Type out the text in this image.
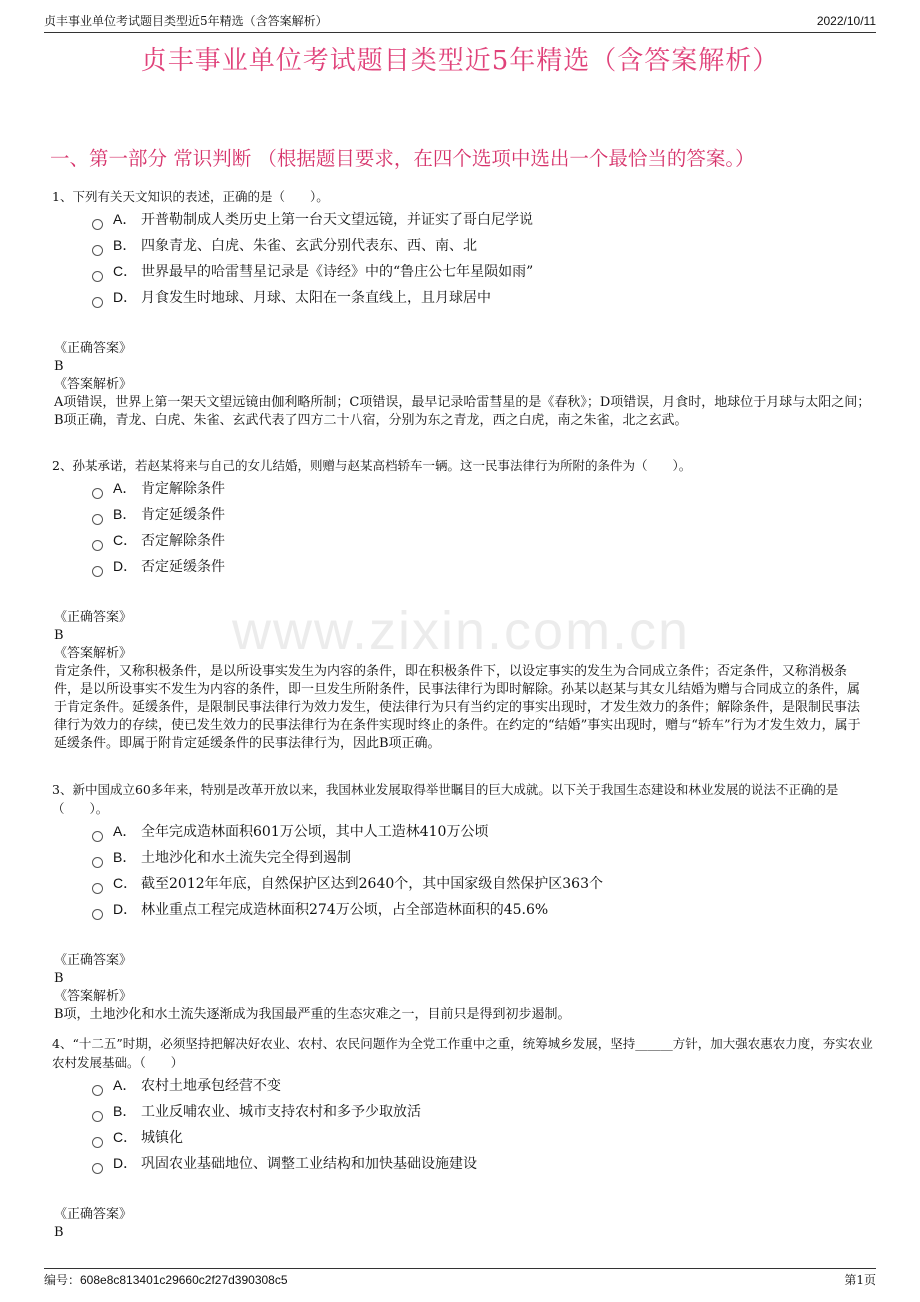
贞丰事业单位考试题目类型近5年精选（含答案解析）	2022/10/11
贞丰事业单位考试题目类型近5年精选（含答案解析）
一、第一部分 常识判断 （根据题目要求，在四个选项中选出一个最恰当的答案。）
www.zixin.com.cn
1、下列有关天文知识的表述，正确的是（　　）。
A． 开普勒制成人类历史上第一台天文望远镜，并证实了哥白尼学说
B． 四象青龙、白虎、朱雀、玄武分别代表东、西、南、北
C． 世界最早的哈雷彗星记录是《诗经》中的“鲁庄公七年星陨如雨”
D． 月食发生时地球、月球、太阳在一条直线上，且月球居中
《正确答案》
B
《答案解析》
A项错误，世界上第一架天文望远镜由伽利略所制；C项错误，最早记录哈雷彗星的是《春秋》；D项错误，月食时，地球位于月球与太阳之间；B项正确，青龙、白虎、朱雀、玄武代表了四方二十八宿，分别为东之青龙，西之白虎，南之朱雀，北之玄武。
2、孙某承诺，若赵某将来与自己的女儿结婚，则赠与赵某高档轿车一辆。这一民事法律行为所附的条件为（　　）。
A． 肯定解除条件
B． 肯定延缓条件
C． 否定解除条件
D． 否定延缓条件
《正确答案》
B
《答案解析》
肯定条件，又称积极条件，是以所设事实发生为内容的条件，即在积极条件下，以设定事实的发生为合同成立条件；否定条件，又称消极条件，是以所设事实不发生为内容的条件，即一旦发生所附条件，民事法律行为即时解除。孙某以赵某与其女儿结婚为赠与合同成立的条件，属于肯定条件。延缓条件，是限制民事法律行为效力发生，使法律行为只有当约定的事实出现时，才发生效力的条件；解除条件，是限制民事法律行为效力的存续，使已发生效力的民事法律行为在条件实现时终止的条件。在约定的“结婚”事实出现时，赠与“轿车”行为才发生效力，属于延缓条件。即属于附肯定延缓条件的民事法律行为，因此B项正确。
3、新中国成立60多年来，特别是改革开放以来，我国林业发展取得举世瞩目的巨大成就。以下关于我国生态建设和林业发展的说法不正确的是（　　）。
A． 全年完成造林面积601万公顷，其中人工造林410万公顷
B． 土地沙化和水土流失完全得到遏制
C． 截至2012年年底，自然保护区达到2640个，其中国家级自然保护区363个
D． 林业重点工程完成造林面积274万公顷，占全部造林面积的45.6%
《正确答案》
B
《答案解析》
B项，土地沙化和水土流失逐渐成为我国最严重的生态灾难之一，目前只是得到初步遏制。
4、“十二五”时期，必须坚持把解决好农业、农村、农民问题作为全党工作重中之重，统筹城乡发展，坚持______方针，加大强农惠农力度，夯实农业农村发展基础。（　　）
A． 农村土地承包经营不变
B． 工业反哺农业、城市支持农村和多予少取放活
C． 城镇化
D． 巩固农业基础地位、调整工业结构和加快基础设施建设
《正确答案》
B
编号：608e8c813401c29660c2f27d390308c5	第1页
